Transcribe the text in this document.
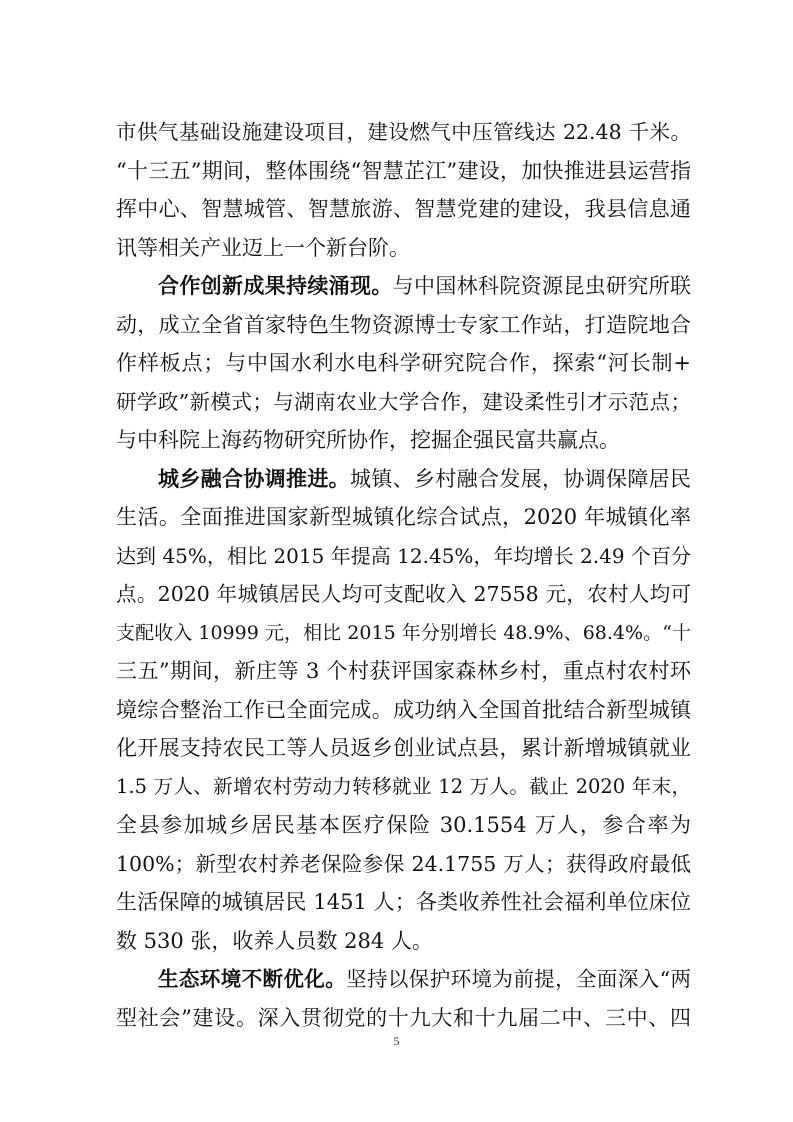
市供气基础设施建设项目，建设燃气中压管线达 22.48 千米。
“十三五”期间，整体围绕“智慧芷江”建设，加快推进县运营指
挥中心、智慧城管、智慧旅游、智慧党建的建设，我县信息通
讯等相关产业迈上一个新台阶。
合作创新成果持续涌现。与中国林科院资源昆虫研究所联
动，成立全省首家特色生物资源博士专家工作站，打造院地合
作样板点；与中国水利水电科学研究院合作，探索“河长制+
研学政”新模式；与湖南农业大学合作，建设柔性引才示范点；
与中科院上海药物研究所协作，挖掘企强民富共赢点。
城乡融合协调推进。城镇、乡村融合发展，协调保障居民
生活。全面推进国家新型城镇化综合试点，2020 年城镇化率
达到 45%，相比 2015 年提高 12.45%，年均增长 2.49 个百分
点。2020 年城镇居民人均可支配收入 27558 元，农村人均可
支配收入 10999 元，相比 2015 年分别增长 48.9%、68.4%。“十
三五”期间，新庄等 3 个村获评国家森林乡村，重点村农村环
境综合整治工作已全面完成。成功纳入全国首批结合新型城镇
化开展支持农民工等人员返乡创业试点县，累计新增城镇就业
1.5 万人、新增农村劳动力转移就业 12 万人。截止 2020 年末，
全县参加城乡居民基本医疗保险 30.1554 万人，参合率为
100%；新型农村养老保险参保 24.1755 万人；获得政府最低
生活保障的城镇居民 1451 人；各类收养性社会福利单位床位
数 530 张，收养人员数 284 人。
生态环境不断优化。坚持以保护环境为前提，全面深入“两
型社会”建设。深入贯彻党的十九大和十九届二中、三中、四
5
